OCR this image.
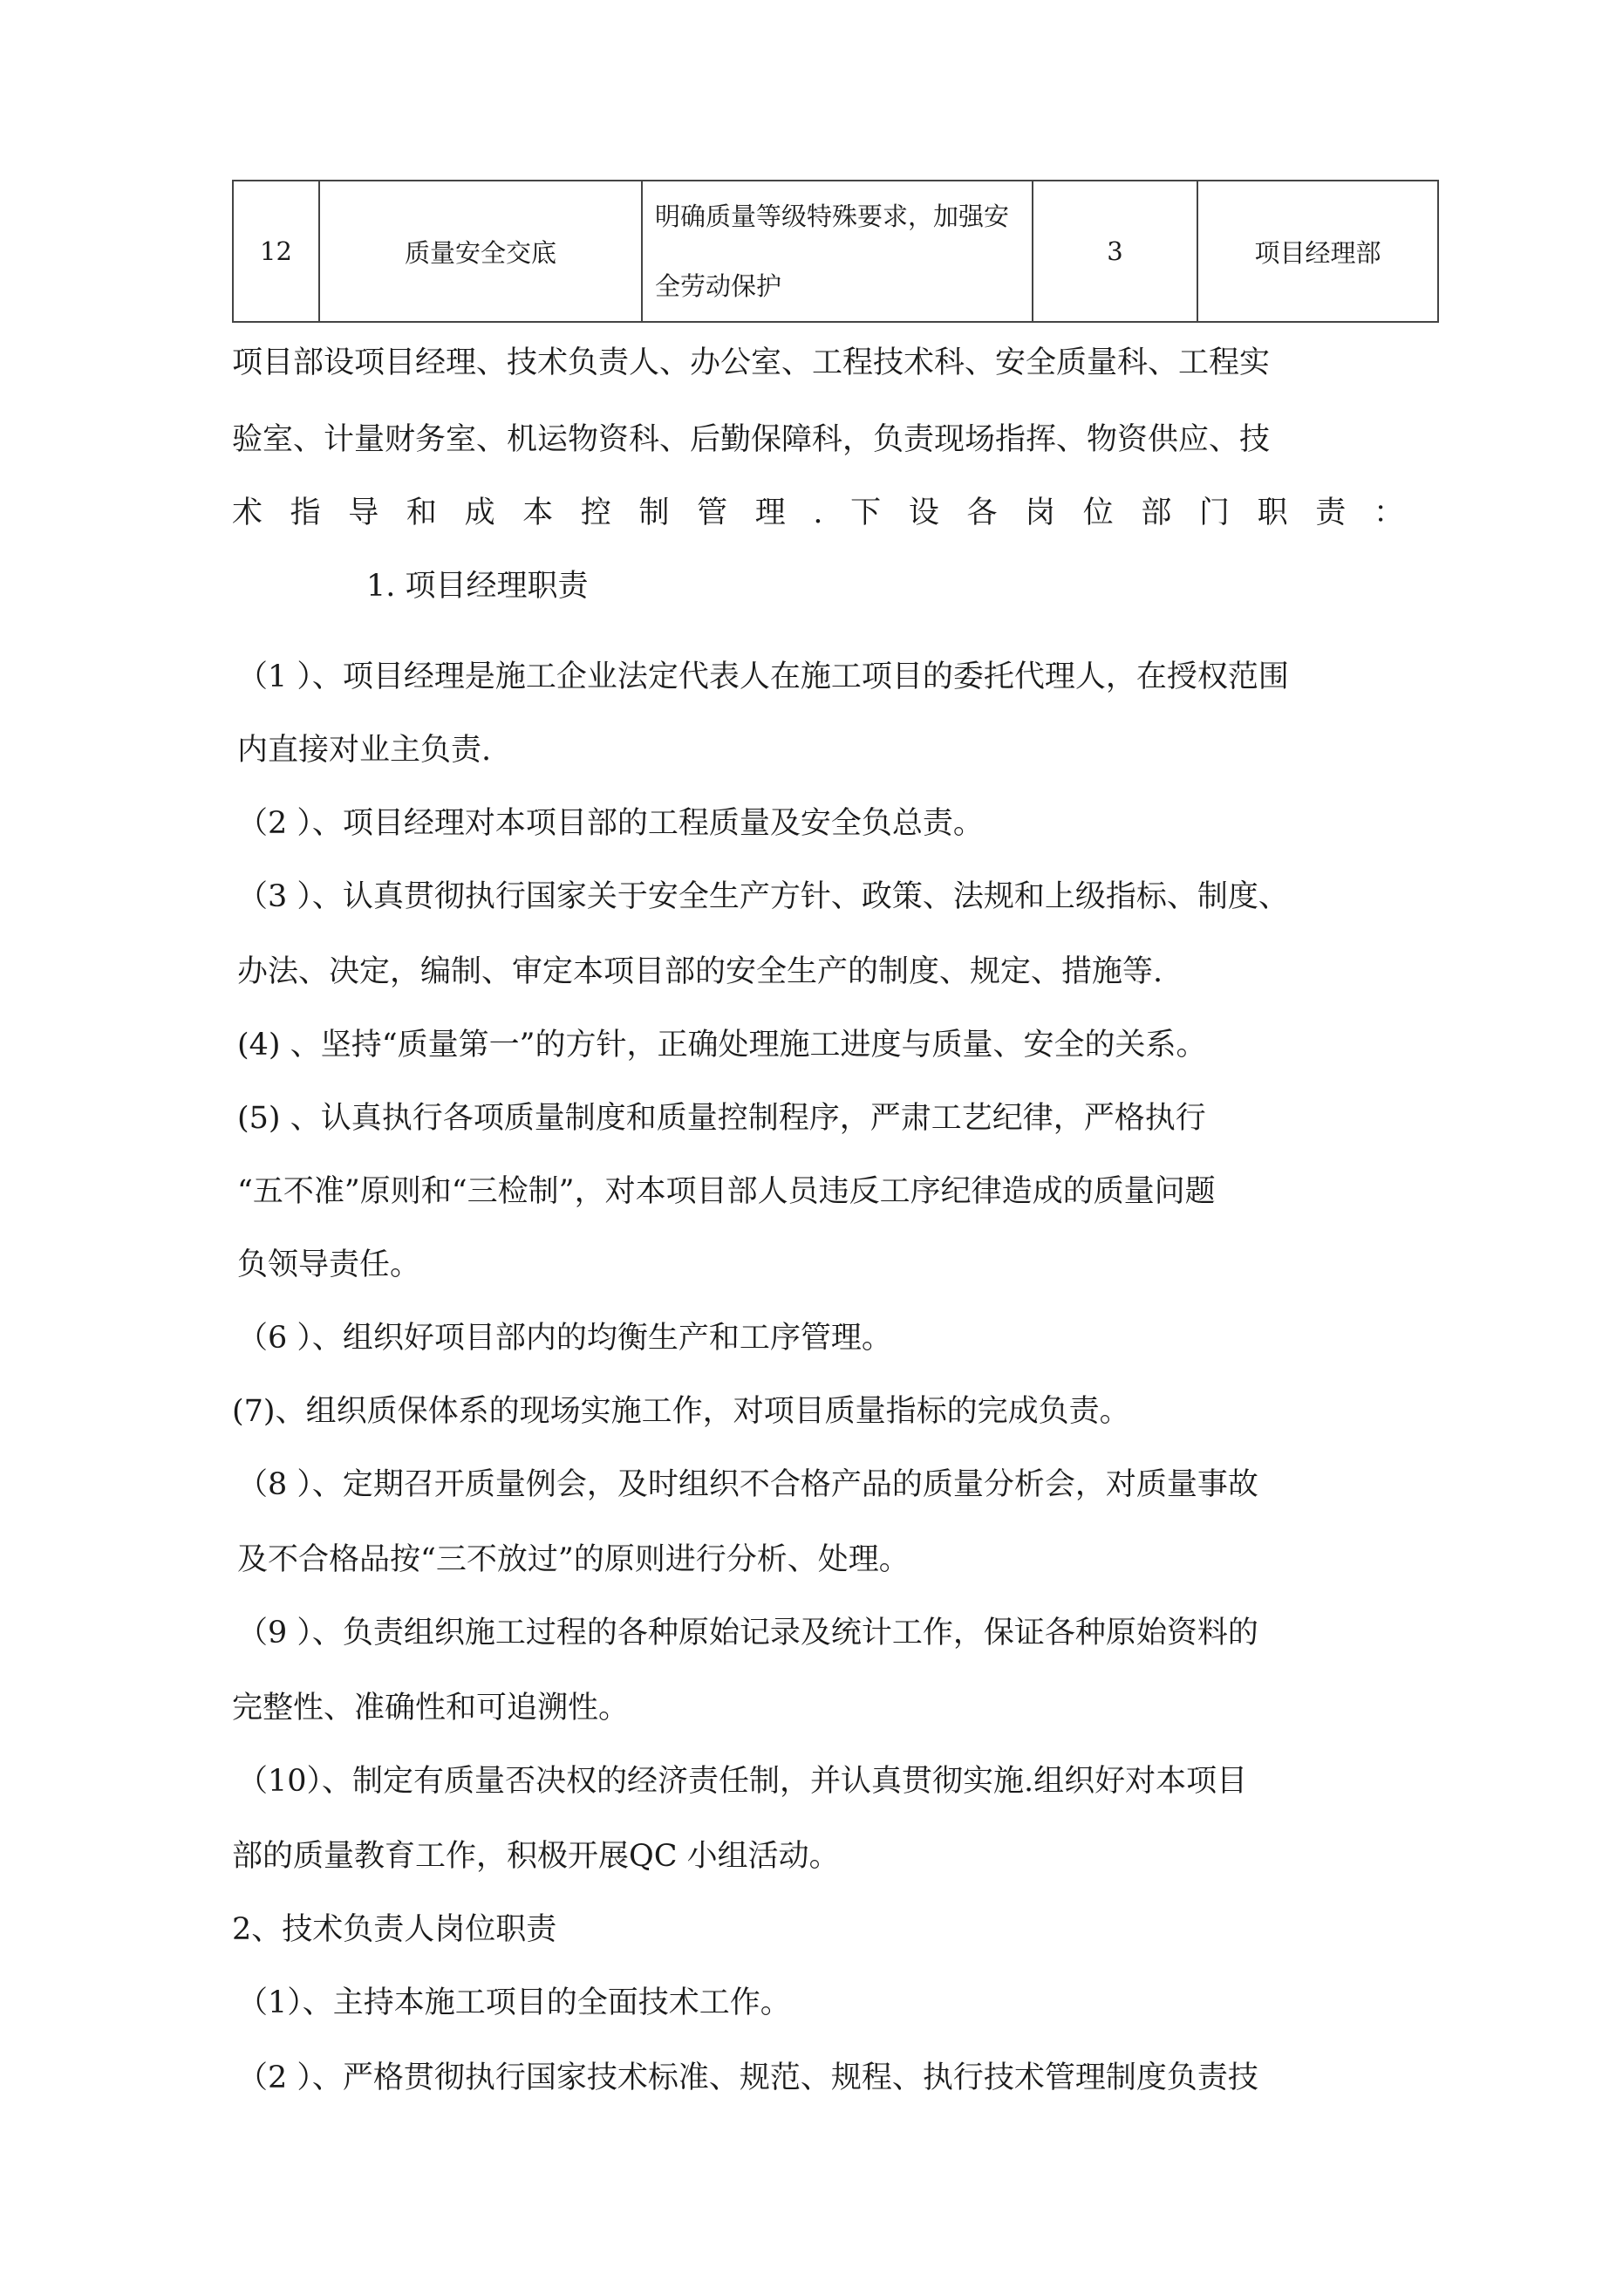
12	质量安全交底	明确质量等级特殊要求，加强安全劳动保护	3	项目经理部
项目部设项目经理、技术负责人、办公室、工程技术科、安全质量科、工程实
验室、计量财务室、机运物资科、后勤保障科，负责现场指挥、物资供应、技
术 指 导 和 成 本 控 制 管 理 . 下 设 各 岗 位 部 门 职 责 ：
1. 项目经理职责
（1 ）、项目经理是施工企业法定代表人在施工项目的委托代理人，在授权范围
内直接对业主负责.
（2 ）、项目经理对本项目部的工程质量及安全负总责。
（3 ）、认真贯彻执行国家关于安全生产方针、政策、法规和上级指标、制度、
办法、决定，编制、审定本项目部的安全生产的制度、规定、措施等.
(4) 、坚持“质量第一”的方针，正确处理施工进度与质量、安全的关系。
(5) 、认真执行各项质量制度和质量控制程序，严肃工艺纪律，严格执行
“五不准”原则和“三检制”，对本项目部人员违反工序纪律造成的质量问题
负领导责任。
（6 ）、组织好项目部内的均衡生产和工序管理。
(7)、组织质保体系的现场实施工作，对项目质量指标的完成负责。
（8 ）、定期召开质量例会，及时组织不合格产品的质量分析会，对质量事故
及不合格品按“三不放过”的原则进行分析、处理。
（9 ）、负责组织施工过程的各种原始记录及统计工作，保证各种原始资料的
完整性、准确性和可追溯性。
（10）、制定有质量否决权的经济责任制，并认真贯彻实施.组织好对本项目
部的质量教育工作，积极开展QC 小组活动。
2、技术负责人岗位职责
（1）、主持本施工项目的全面技术工作。
（2 ）、严格贯彻执行国家技术标准、规范、规程、执行技术管理制度负责技
